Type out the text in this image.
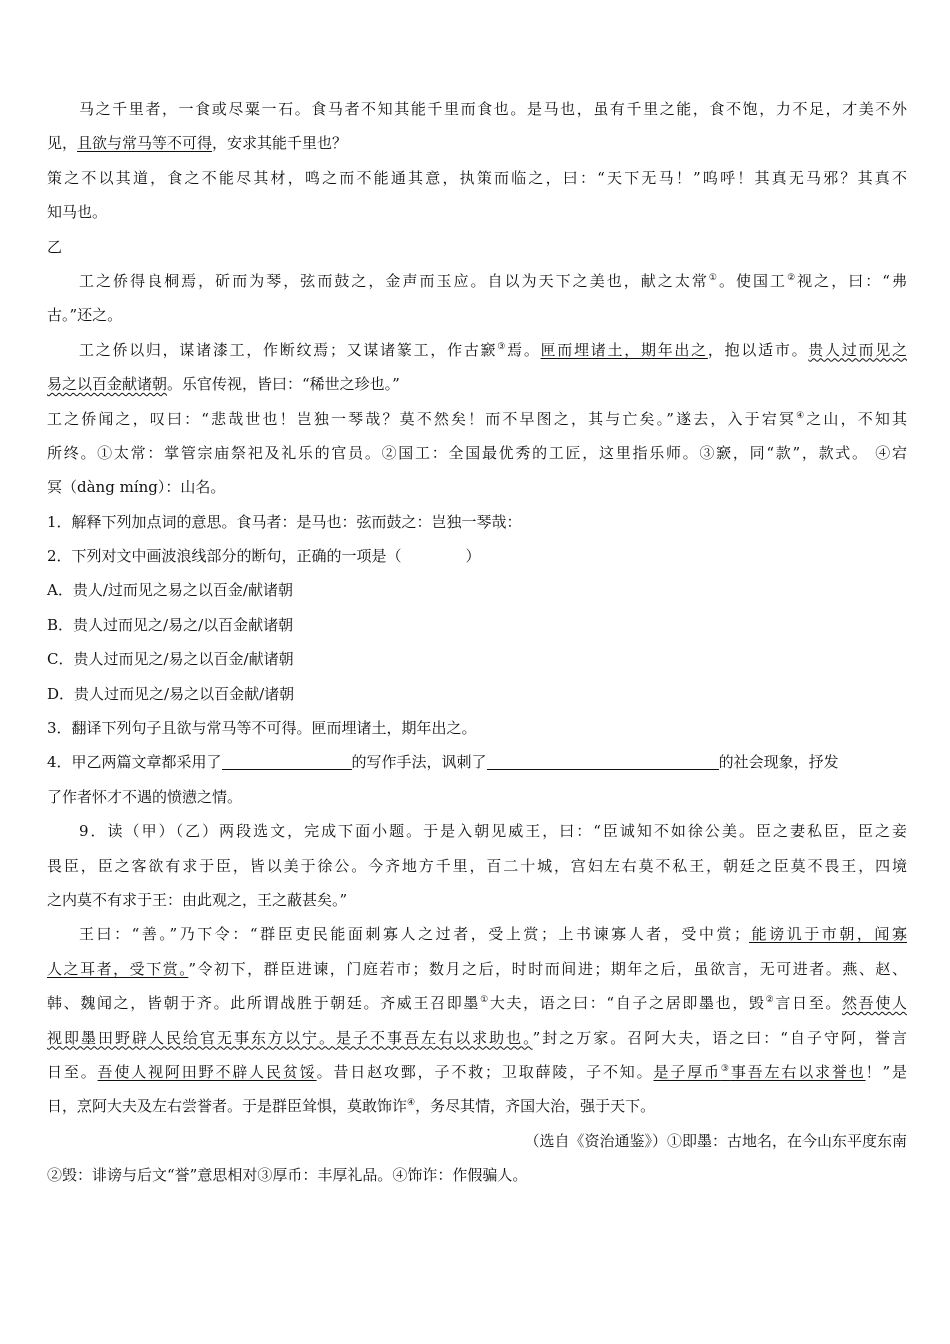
马之千里者，一食或尽粟一石。食马者不知其能千里而食也。是马也，虽有千里之能，食不饱，力不足，才美不外
见，且欲与常马等不可得，安求其能千里也？
策之不以其道，食之不能尽其材，鸣之而不能通其意，执策而临之，曰：“天下无马！”呜呼！其真无马邪？其真不
知马也。
乙
工之侨得良桐焉，斫而为琴，弦而鼓之，金声而玉应。自以为天下之美也，献之太常①。使国工②视之，曰：“弗
古。”还之。
工之侨以归，谋诸漆工，作断纹焉；又谋诸篆工，作古窾③焉。匣而埋诸土，期年出之，抱以适市。贵人过而见之
易之以百金献诸朝。乐官传视，皆曰：“稀世之珍也。”
工之侨闻之，叹曰：“悲哉世也！岂独一琴哉？莫不然矣！而不早图之，其与亡矣。”遂去，入于宕冥④之山，不知其
所终。①太常：掌管宗庙祭祀及礼乐的官员。②国工：全国最优秀的工匠，这里指乐师。③窾，同“款”，款式。 ④宕
冥（dàng míng）：山名。
1．解释下列加点词的意思。食马者：是马也：弦而鼓之：岂独一琴哉：
2．下列对文中画波浪线部分的断句，正确的一项是（	）
A．贵人/过而见之易之以百金/献诸朝
B．贵人过而见之/易之/以百金献诸朝
C．贵人过而见之/易之以百金/献诸朝
D．贵人过而见之/易之以百金献/诸朝
3．翻译下列句子且欲与常马等不可得。匣而埋诸土，期年出之。
4．甲乙两篇文章都采用了	的写作手法，讽刺了	的社会现象，抒发
了作者怀才不遇的愤懑之情。
9．读（甲）（乙）两段选文，完成下面小题。于是入朝见威王，曰：“臣诚知不如徐公美。臣之妻私臣，臣之妾
畏臣，臣之客欲有求于臣，皆以美于徐公。今齐地方千里，百二十城，宫妇左右莫不私王，朝廷之臣莫不畏王，四境
之内莫不有求于王：由此观之，王之蔽甚矣。”
王曰：“善。”乃下令：“群臣吏民能面刺寡人之过者，受上赏；上书谏寡人者，受中赏；能谤讥于市朝，闻寡
人之耳者，受下赏。”令初下，群臣进谏，门庭若市；数月之后，时时而间进；期年之后，虽欲言，无可进者。燕、赵、
韩、魏闻之，皆朝于齐。此所谓战胜于朝廷。齐威王召即墨①大夫，语之曰：“自子之居即墨也，毁②言日至。然吾使人
视即墨田野辟人民给官无事东方以宁。是子不事吾左右以求助也。”封之万家。召阿大夫，语之曰：“自子守阿，誉言
日至。吾使人视阿田野不辟人民贫馁。昔日赵攻鄄，子不救；卫取薛陵，子不知。是子厚币③事吾左右以求誉也！”是
日，烹阿大夫及左右尝誉者。于是群臣耸惧，莫敢饰诈④，务尽其情，齐国大治，强于天下。
（选自《资治通鉴》）①即墨：古地名，在今山东平度东南
②毁：诽谤与后文“誉”意思相对③厚币：丰厚礼品。④饰诈：作假骗人。
